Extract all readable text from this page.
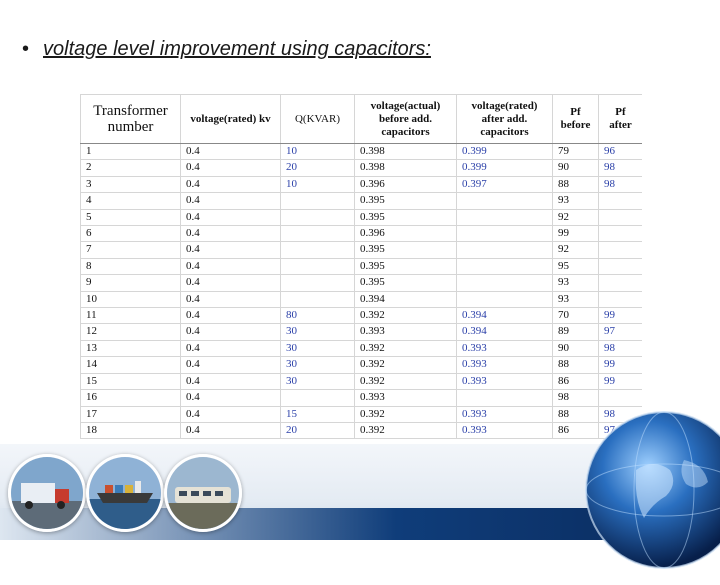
• voltage level improvement using capacitors:
Transformer number	voltage(rated) kv	Q(KVAR)	voltage(actual) before add. capacitors	voltage(rated) after add. capacitors	Pf before	Pf after
1	0.4	10	0.398	0.399	79	96
2	0.4	20	0.398	0.399	90	98
3	0.4	10	0.396	0.397	88	98
4	0.4		0.395		93	
5	0.4		0.395		92	
6	0.4		0.396		99	
7	0.4		0.395		92	
8	0.4		0.395		95	
9	0.4		0.395		93	
10	0.4		0.394		93	
11	0.4	80	0.392	0.394	70	99
12	0.4	30	0.393	0.394	89	97
13	0.4	30	0.392	0.393	90	98
14	0.4	30	0.392	0.393	88	99
15	0.4	30	0.392	0.393	86	99
16	0.4		0.393		98	
17	0.4	15	0.392	0.393	88	98
18	0.4	20	0.392	0.393	86	97
